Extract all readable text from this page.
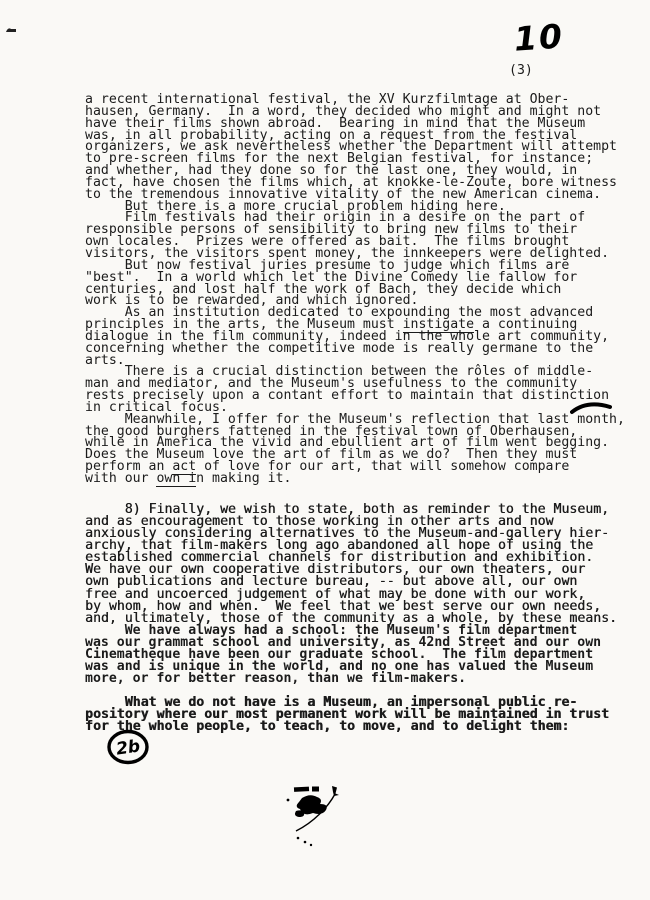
10
(3)
a recent international festival, the XV Kurzfilmtage at Ober-
hausen, Germany.  In a word, they decided who might and might not
have their films shown abroad.  Bearing in mind that the Museum
was, in all probability, acting on a request from the festival
organizers, we ask nevertheless whether the Department will attempt
to pre-screen films for the next Belgian festival, for instance;
and whether, had they done so for the last one, they would, in
fact, have chosen the films which, at knokke-le-Zoute, bore witness
to the tremendous innovative vitality of the new American cinema.
But there is a more crucial problem hiding here.
Film festivals had their origin in a desire on the part of
responsible persons of sensibility to bring new films to their
own locales.  Prizes were offered as bait.  The films brought
visitors, the visitors spent money, the innkeepers were delighted.
But now festival juries presume to judge which films are
"best".  In a world which let the Divine Comedy lie fallow for
centuries, and lost half the work of Bach, they decide which
work is to be rewarded, and which ignored.
As an institution dedicated to expounding the most advanced
principles in the arts, the Museum must instigate a continuing
dialogue in the film community, indeed in the whole art community,
concerning whether the competitive mode is really germane to the
arts.
There is a crucial distinction between the rôles of middle-
man and mediator, and the Museum's usefulness to the community
rests precisely upon a contant effort to maintain that distinction
in critical focus.
Meanwhile, I offer for the Museum's reflection that last month,
the good burghers fattened in the festival town of Oberhausen,
while in America the vivid and ebullient art of film went begging.
Does the Museum love the art of film as we do?  Then they must
perform an act of love for our art, that will somehow compare
with our own in making it.
8) Finally, we wish to state, both as reminder to the Museum,
and as encouragement to those working in other arts and now
anxiously considering alternatives to the Museum-and-gallery hier-
archy, that film-makers long ago abandoned all hope of using the
established commercial channels for distribution and exhibition.
We have our own cooperative distributors, our own theaters, our
own publications and lecture bureau, -- but above all, our own
free and uncoerced judgement of what may be done with our work,
by whom, how and when.  We feel that we best serve our own needs,
and, ultimately, those of the community as a whole, by these means.
We have always had a school: the Museum's film department
was our grammat school and university, as 42nd Street and our own
Cinematheque have been our graduate school.  The film department
was and is unique in the world, and no one has valued the Museum
more, or for better reason, than we film-makers.
What we do not have is a Museum, an impersonal public re-
pository where our most permanent work will be maintained in trust
for the whole people, to teach, to move, and to delight them:
2b
